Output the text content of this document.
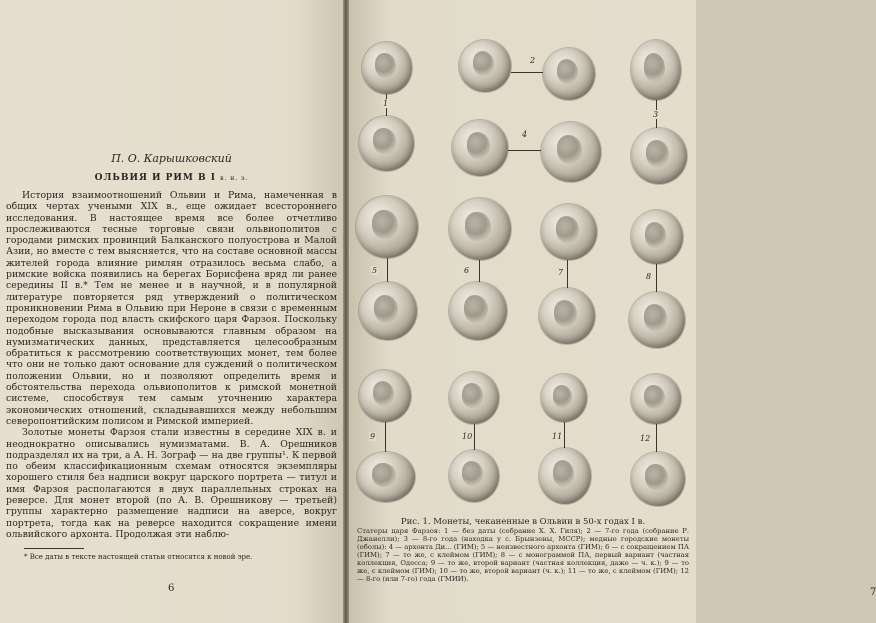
П. О. Карышковский
ОЛЬВИЯ И РИМ В I в. н. э.

История взаимоотношений Ольвии и Рима, намеченная в общих чертах учеными XIX в., еще ожидает всестороннего исследования. В настоящее время все более отчетливо прослеживаются тесные торговые связи ольвиополитов с городами римских провинций Балканского полуострова и Малой Азии, но вместе с тем выясняется, что на составе основной массы жителей города влияние римлян отразилось весьма слабо, а римские войска появились на берегах Борисфена вряд ли ранее середины II в.* Тем не менее и в научной, и в популярной литературе повторяется ряд утверждений о политическом проникновении Рима в Ольвию при Нероне в связи с временным переходом города под власть скифского царя Фарзоя. Поскольку подобные высказывания основываются главным образом на нумизматических данных, представляется целесообразным обратиться к рассмотрению соответствующих монет, тем более что они не только дают основание для суждений о политическом положении Ольвии, но и позволяют определить время и обстоятельства перехода ольвиополитов к римской монетной системе, способствуя тем самым уточнению характера экономических отношений, складывавшихся между небольшим северопонтийским полисом и Римской империей.

Золотые монеты Фарзоя стали известны в середине XIX в. и неоднократно описывались нумизматами. В. А. Орешников подразделял их на три, а А. Н. Зограф — на две группы¹. К первой по обеим классификационным схемам относятся экземпляры хорошего стиля без надписи вокруг царского портрета — титул и имя Фарзоя располагаются в двух параллельных строках на реверсе. Для монет второй (по А. В. Орешникову — третьей) группы характерно размещение надписи на аверсе, вокруг портрета, тогда как на реверсе находится сокращение имени ольвийского архонта. Продолжая эти наблю-

* Все даты в тексте настоящей статьи относятся к новой эре.
6
1
2
3
4
5	6	7	8
9	10	11	12
Рис. 1. Монеты, чеканенные в Ольвии в 50-х годах I в.
Статеры царя Фарзоя: 1 — без даты (собрание Х. Х. Гиля); 2 — 7-го года (собрание Р. Джанелли); 3 — 8-го года (находка у с. Брынзены, МССР); медные городские монеты (оболы): 4 — архонта Ди... (ГИМ); 5 — неизвестного архонта (ГИМ); 6 — с сокращением ПА (ГИМ); 7 — то же, с клеймом (ГИМ); 8 — с монограммой ПА, первый вариант (частная коллекция, Одесса; 9 — то же, второй вариант (частная коллекция, даже — ч. к.); 9 — то же, с клеймом (ГИМ); 10 — то же, второй вариант (ч. к.); 11 — то же, с клеймом (ГИМ); 12 — 8-го (или 7-го) года (ГМИИ).
7
